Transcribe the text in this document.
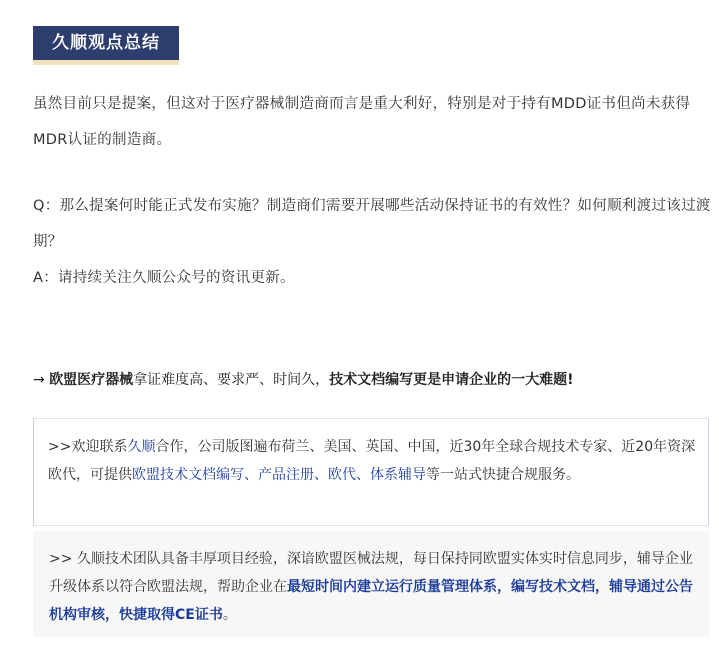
久顺观点总结

虽然目前只是提案，但这对于医疗器械制造商而言是重大利好，特别是对于持有MDD证书但尚未获得MDR认证的制造商。

Q：那么提案何时能正式发布实施？制造商们需要开展哪些活动保持证书的有效性？如何顺利渡过该过渡期？

A：请持续关注久顺公众号的资讯更新。

→ 欧盟医疗器械拿证难度高、要求严、时间久，技术文档编写更是申请企业的一大难题!

>>欢迎联系久顺合作，公司版图遍布荷兰、美国、英国、中国，近30年全球合规技术专家、近20年资深欧代，可提供欧盟技术文档编写、产品注册、欧代、体系辅导等一站式快捷合规服务。

>> 久顺技术团队具备丰厚项目经验，深谙欧盟医械法规，每日保持同欧盟实体实时信息同步，辅导企业升级体系以符合欧盟法规，帮助企业在最短时间内建立运行质量管理体系，编写技术文档，辅导通过公告机构审核，快捷取得CE证书。
